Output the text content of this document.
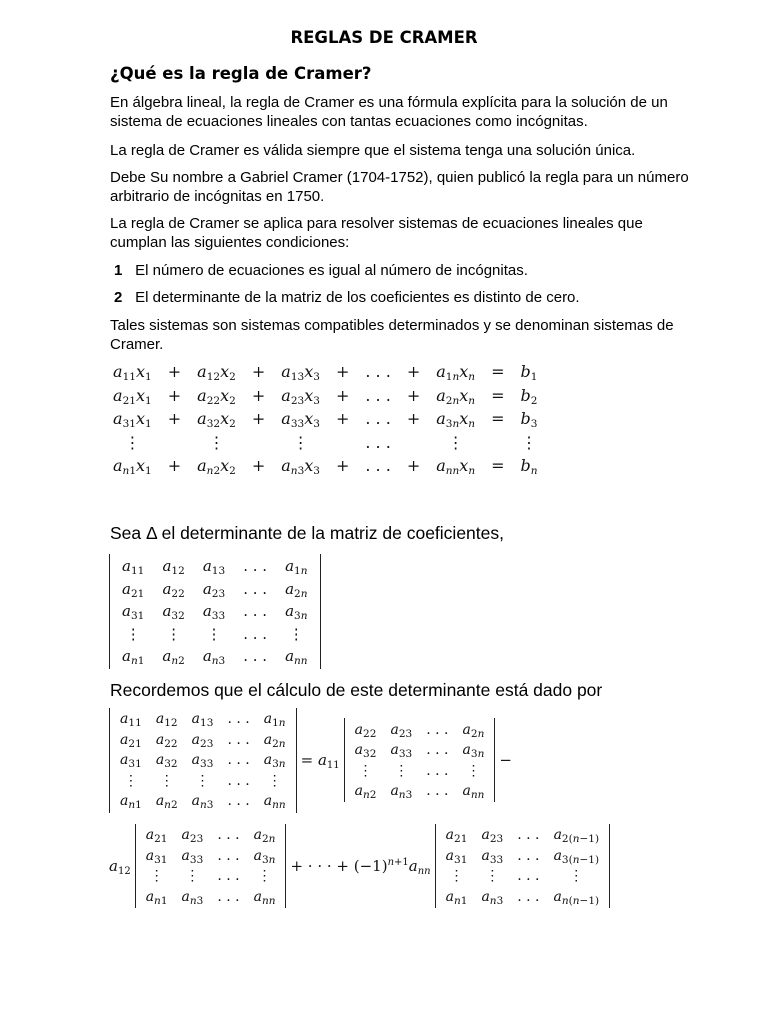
REGLAS DE CRAMER
¿Qué es la regla de Cramer?
En álgebra lineal, la regla de Cramer es una fórmula explícita para la solución de un sistema de ecuaciones lineales con tantas ecuaciones como incógnitas.
La regla de Cramer es válida siempre que el sistema tenga una solución única.
Debe Su nombre a Gabriel Cramer (1704-1752), quien publicó la regla para un número arbitrario de incógnitas en 1750.
La regla de Cramer se aplica para resolver sistemas de ecuaciones lineales que cumplan las siguientes condiciones:
1 El número de ecuaciones es igual al número de incógnitas.
2 El determinante de la matriz de los coeficientes es distinto de cero.
Tales sistemas son sistemas compatibles determinados y se denominan sistemas de Cramer.
$a_{11}x_1$	+	$a_{12}x_2$	+	$a_{13}x_3$	+	. . .	+	$a_{1n}x_n$	=	$b_1$
$a_{21}x_1$	+	$a_{22}x_2$	+	$a_{23}x_3$	+	. . .	+	$a_{2n}x_n$	=	$b_2$
$a_{31}x_1$	+	$a_{32}x_2$	+	$a_{33}x_3$	+	. . .	+	$a_{3n}x_n$	=	$b_3$
⋮		⋮		⋮		. . .		⋮		⋮
$a_{n1}x_1$	+	$a_{n2}x_2$	+	$a_{n3}x_3$	+	. . .	+	$a_{nn}x_n$	=	$b_n$
Sea Δ el determinante de la matriz de coeficientes,
$a_{11}$	$a_{12}$	$a_{13}$	. . .	$a_{1n}$
$a_{21}$	$a_{22}$	$a_{23}$	. . .	$a_{2n}$
$a_{31}$	$a_{32}$	$a_{33}$	. . .	$a_{3n}$
⋮	⋮	⋮	. . .	⋮
$a_{n1}$	$a_{n2}$	$a_{n3}$	. . .	$a_{nn}$
Recordemos que el cálculo de este determinante está dado por
$a_{11}$	$a_{12}$	$a_{13}$	. . .	$a_{1n}$
$a_{21}$	$a_{22}$	$a_{23}$	. . .	$a_{2n}$
$a_{31}$	$a_{32}$	$a_{33}$	. . .	$a_{3n}$
⋮	⋮	⋮	. . .	⋮
$a_{n1}$	$a_{n2}$	$a_{n3}$	. . .	$a_{nn}$
= $a_{11}$
$a_{22}$	$a_{23}$	. . .	$a_{2n}$
$a_{32}$	$a_{33}$	. . .	$a_{3n}$
⋮	⋮	. . .	⋮
$a_{n2}$	$a_{n3}$	. . .	$a_{nn}$
−
$a_{12}$
$a_{21}$	$a_{23}$	. . .	$a_{2n}$
$a_{31}$	$a_{33}$	. . .	$a_{3n}$
⋮	⋮	. . .	⋮
$a_{n1}$	$a_{n3}$	. . .	$a_{nn}$
+ · · · + $(-1)^{n+1}a_{nn}$
$a_{21}$	$a_{23}$	. . .	$a_{2(n-1)}$
$a_{31}$	$a_{33}$	. . .	$a_{3(n-1)}$
⋮	⋮	. . .	⋮
$a_{n1}$	$a_{n3}$	. . .	$a_{n(n-1)}$
